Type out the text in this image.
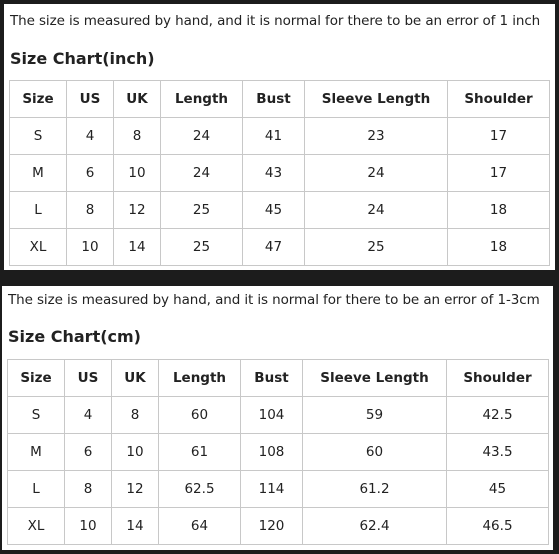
The size is measured by hand, and it is normal for there to be an error of 1 inch
Size Chart(inch)
Size	US	UK	Length	Bust	Sleeve Length	Shoulder
S	4	8	24	41	23	17
M	6	10	24	43	24	17
L	8	12	25	45	24	18
XL	10	14	25	47	25	18
The size is measured by hand, and it is normal for there to be an error of 1-3cm
Size Chart(cm)
Size	US	UK	Length	Bust	Sleeve Length	Shoulder
S	4	8	60	104	59	42.5
M	6	10	61	108	60	43.5
L	8	12	62.5	114	61.2	45
XL	10	14	64	120	62.4	46.5
